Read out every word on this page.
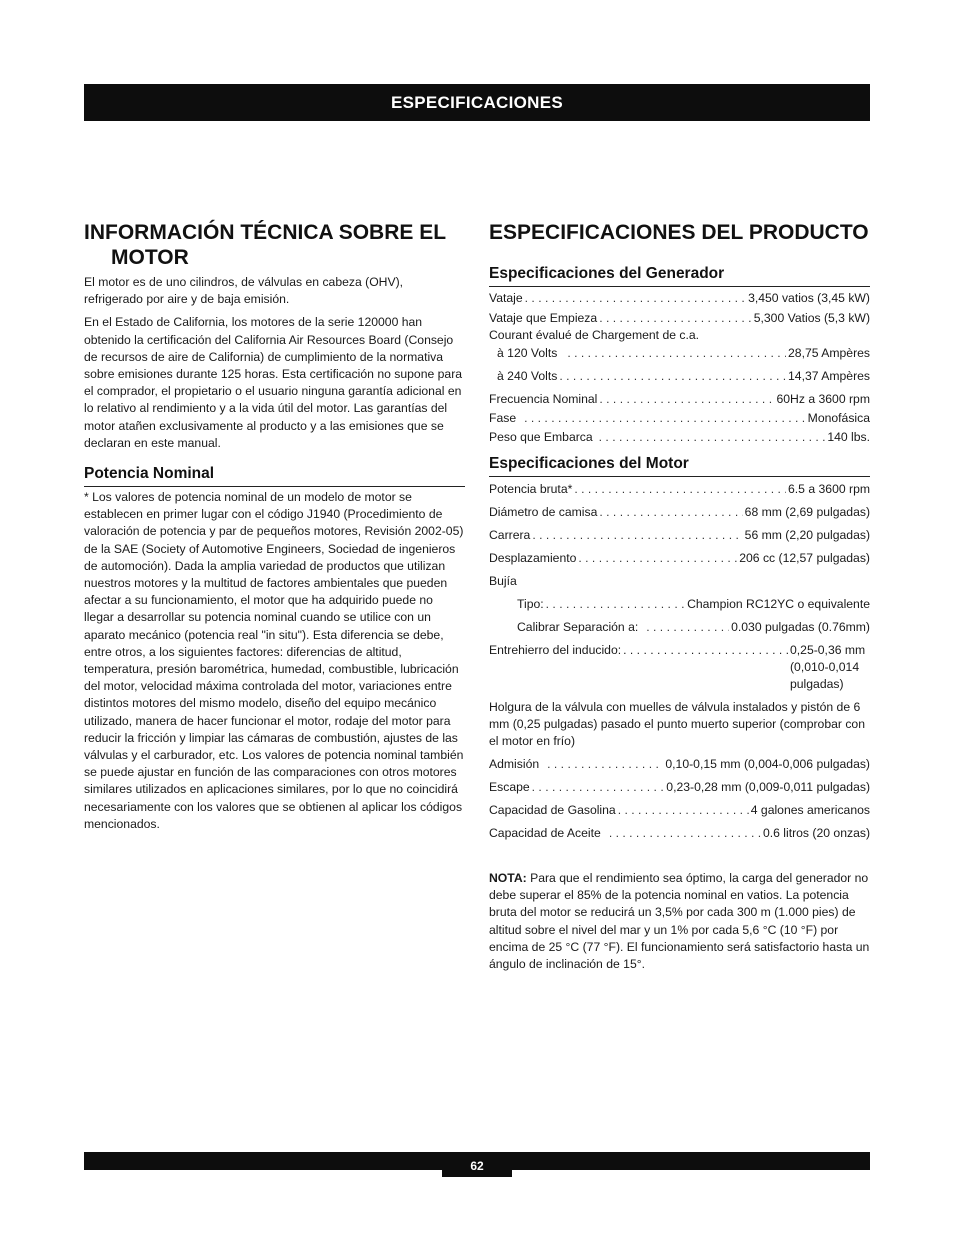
ESPECIFICACIONES
INFORMACIÓN TÉCNICA SOBRE EL MOTOR

El motor es de uno cilindros, de válvulas en cabeza (OHV), refrigerado por aire y de baja emisión.

En el Estado de California, los motores de la serie 120000 han obtenido la certificación del California Air Resources Board (Consejo de recursos de aire de California) de cumplimiento de la normativa sobre emisiones durante 125 horas. Esta certificación no supone para el comprador, el propietario o el usuario ninguna garantía adicional en lo relativo al rendimiento y a la vida útil del motor. Las garantías del motor atañen exclusivamente al producto y a las emisiones que se declaran en este manual.

Potencia Nominal

* Los valores de potencia nominal de un modelo de motor se establecen en primer lugar con el código J1940 (Procedimiento de valoración de potencia y par de pequeños motores, Revisión 2002-05) de la SAE (Society of Automotive Engineers, Sociedad de ingenieros de automoción). Dada la amplia variedad de productos que utilizan nuestros motores y la multitud de factores ambientales que pueden afectar a su funcionamiento, el motor que ha adquirido puede no llegar a desarrollar su potencia nominal cuando se utilice con un aparato mecánico (potencia real "in situ"). Esta diferencia se debe, entre otros, a los siguientes factores: diferencias de altitud, temperatura, presión barométrica, humedad, combustible, lubricación del motor, velocidad máxima controlada del motor, variaciones entre distintos motores del mismo modelo, diseño del equipo mecánico utilizado, manera de hacer funcionar el motor, rodaje del motor para reducir la fricción y limpiar las cámaras de combustión, ajustes de las válvulas y el carburador, etc. Los valores de potencia nominal también se puede ajustar en función de las comparaciones con otros motores similares utilizados en aplicaciones similares, por lo que no coincidirá necesariamente con los valores que se obtienen al aplicar los códigos mencionados.

ESPECIFICACIONES DEL PRODUCTO
Especificaciones del Generador
Vataje . . .	3,450 vatios (3,45 kW)
Vataje que Empieza . . .	5,300 Vatios (5,3 kW)
Courant évalué de Chargement de c.a.
à 120 Volts . . .	28,75 Ampères
à 240 Volts . . .	14,37 Ampères
Frecuencia Nominal . . .	60Hz a 3600 rpm
Fase . . .	Monofásica
Peso que Embarca . . .	140 lbs.
Especificaciones del Motor
Potencia bruta* . . .	6.5 a 3600 rpm
Diámetro de camisa . . .	68 mm (2,69 pulgadas)
Carrera . . .	56 mm (2,20 pulgadas)
Desplazamiento . . .	206 cc (12,57 pulgadas)
Bujía
Tipo: . . .	Champion RC12YC o equivalente
Calibrar Separación a: . . .	0.030 pulgadas (0.76mm)
Entrehierro del inducido: . . .	0,25-0,36 mm (0,010-0,014 pulgadas)
Holgura de la válvula con muelles de válvula instalados y pistón de 6 mm (0,25 pulgadas) pasado el punto muerto superior (comprobar con el motor en frío)
Admisión . . .	0,10-0,15 mm (0,004-0,006 pulgadas)
Escape . . .	0,23-0,28 mm (0,009-0,011 pulgadas)
Capacidad de Gasolina . . .	4 galones americanos
Capacidad de Aceite . . .	0.6 litros (20 onzas)

NOTA: Para que el rendimiento sea óptimo, la carga del generador no debe superar el 85% de la potencia nominal en vatios. La potencia bruta del motor se reducirá un 3,5% por cada 300 m (1.000 pies) de altitud sobre el nivel del mar y un 1% por cada 5,6 °C (10 °F) por encima de 25 °C (77 °F). El funcionamiento será satisfactorio hasta un ángulo de inclinación de 15°.

62
